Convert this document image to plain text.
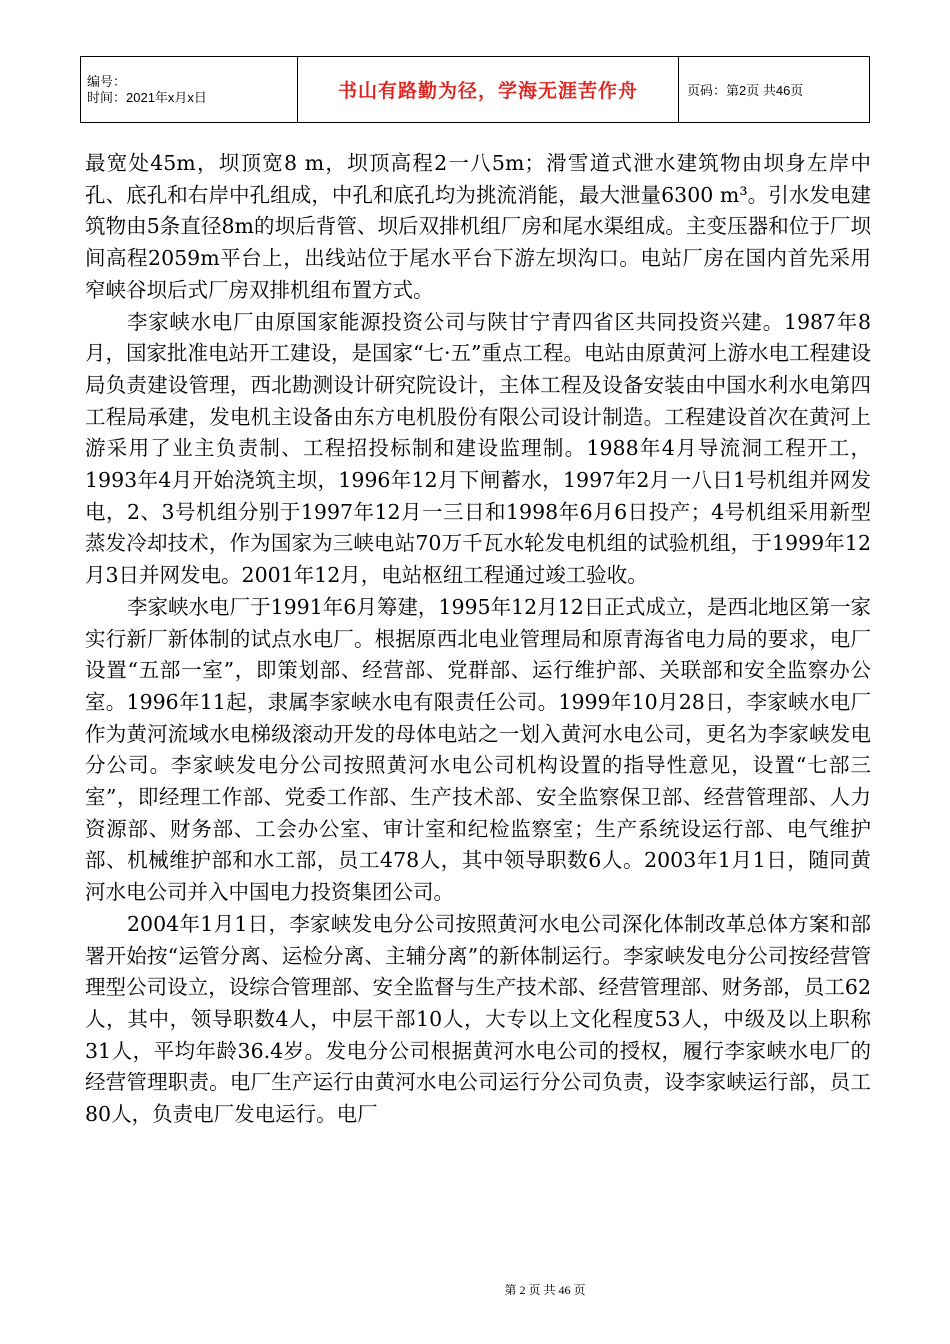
编号：
时间：2021年x月x日	书山有路勤为径，学海无涯苦作舟	页码：第2页 共46页

最宽处45m，坝顶宽8 m，坝顶高程2一八5m；滑雪道式泄水建筑物由坝身左岸中孔、底孔和右岸中孔组成，中孔和底孔均为挑流消能，最大泄量6300 m³。引水发电建筑物由5条直径8m的坝后背管、坝后双排机组厂房和尾水渠组成。主变压器和位于厂坝间高程2059m平台上，出线站位于尾水平台下游左坝沟口。电站厂房在国内首先采用窄峡谷坝后式厂房双排机组布置方式。

李家峡水电厂由原国家能源投资公司与陕甘宁青四省区共同投资兴建。1987年8月，国家批准电站开工建设，是国家“七·五”重点工程。电站由原黄河上游水电工程建设局负责建设管理，西北勘测设计研究院设计，主体工程及设备安装由中国水利水电第四工程局承建，发电机主设备由东方电机股份有限公司设计制造。工程建设首次在黄河上游采用了业主负责制、工程招投标制和建设监理制。1988年4月导流洞工程开工，1993年4月开始浇筑主坝，1996年12月下闸蓄水，1997年2月一八日1号机组并网发电，2、3号机组分别于1997年12月一三日和1998年6月6日投产；4号机组采用新型蒸发冷却技术，作为国家为三峡电站70万千瓦水轮发电机组的试验机组，于1999年12月3日并网发电。2001年12月，电站枢纽工程通过竣工验收。

李家峡水电厂于1991年6月筹建，1995年12月12日正式成立，是西北地区第一家实行新厂新体制的试点水电厂。根据原西北电业管理局和原青海省电力局的要求，电厂设置“五部一室”，即策划部、经营部、党群部、运行维护部、关联部和安全监察办公室。1996年11起，隶属李家峡水电有限责任公司。1999年10月28日，李家峡水电厂作为黄河流域水电梯级滚动开发的母体电站之一划入黄河水电公司，更名为李家峡发电分公司。李家峡发电分公司按照黄河水电公司机构设置的指导性意见，设置“七部三室”，即经理工作部、党委工作部、生产技术部、安全监察保卫部、经营管理部、人力资源部、财务部、工会办公室、审计室和纪检监察室；生产系统设运行部、电气维护部、机械维护部和水工部，员工478人，其中领导职数6人。2003年1月1日，随同黄河水电公司并入中国电力投资集团公司。

2004年1月1日，李家峡发电分公司按照黄河水电公司深化体制改革总体方案和部署开始按“运管分离、运检分离、主辅分离”的新体制运行。李家峡发电分公司按经营管理型公司设立，设综合管理部、安全监督与生产技术部、经营管理部、财务部，员工62人，其中，领导职数4人，中层干部10人，大专以上文化程度53人，中级及以上职称31人，平均年龄36.4岁。发电分公司根据黄河水电公司的授权，履行李家峡水电厂的经营管理职责。电厂生产运行由黄河水电公司运行分公司负责，设李家峡运行部，员工80人，负责电厂发电运行。电厂

第 2 页 共 46 页
